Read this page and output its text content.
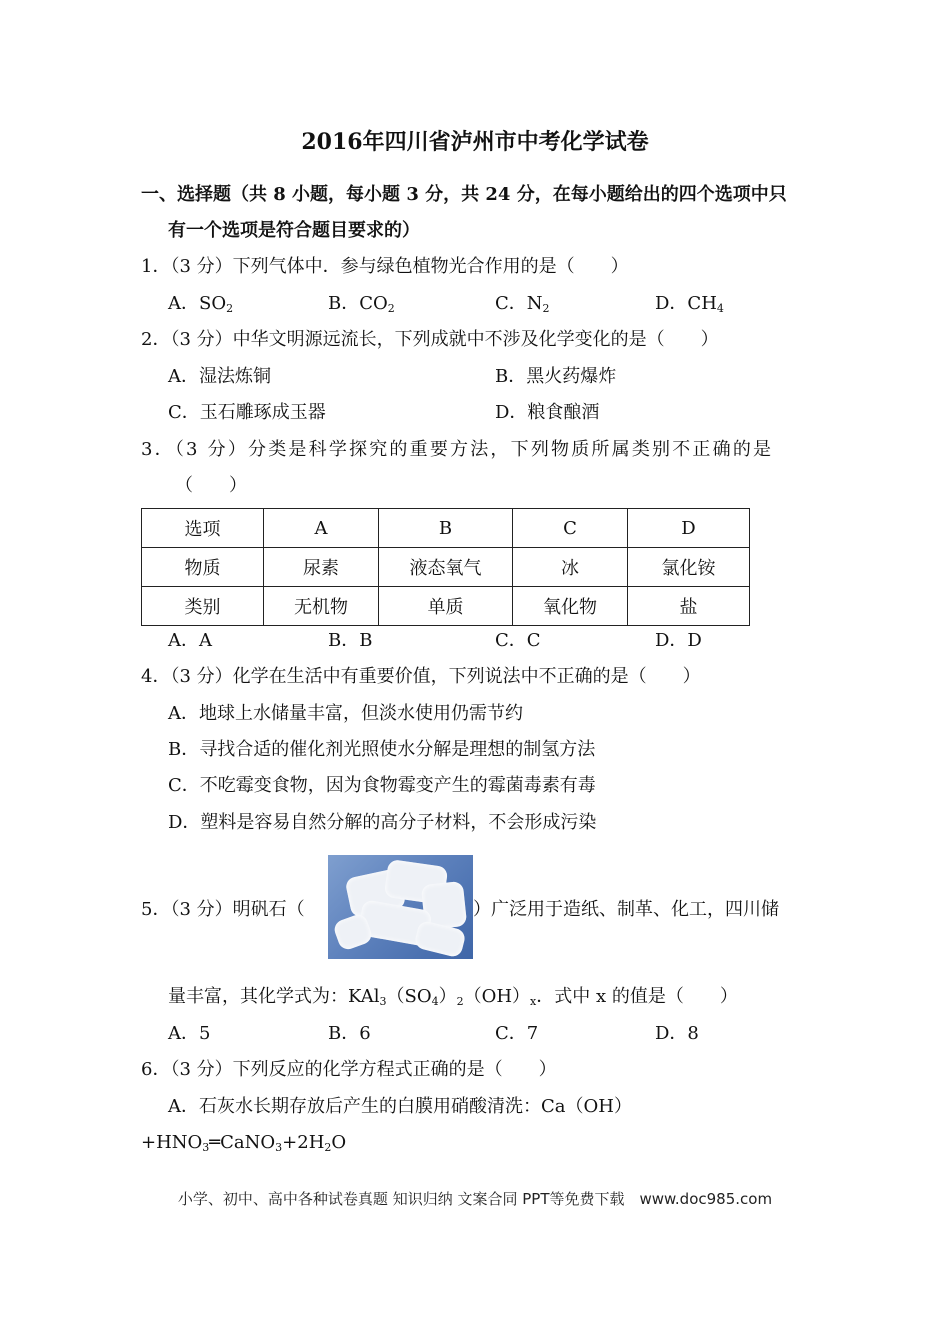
2016年四川省泸州市中考化学试卷
一、选择题（共 8 小题，每小题 3 分，共 24 分，在每小题给出的四个选项中只
有一个选项是符合题目要求的）
1．（3 分）下列气体中．参与绿色植物光合作用的是（　　）
A．$SO_2$	B．$CO_2$	C．$N_2$	D．$CH_4$
2．（3 分）中华文明源远流长，下列成就中不涉及化学变化的是（　　）
A．湿法炼铜	B．黑火药爆炸
C．玉石雕琢成玉器	D．粮食酿酒
3．（3 分）分类是科学探究的重要方法，下列物质所属类别不正确的是
（　　）
选项	A	B	C	D
物质	尿素	液态氧气	冰	氯化铵
类别	无机物	单质	氧化物	盐
A．A	B．B	C．C	D．D
4．（3 分）化学在生活中有重要价值，下列说法中不正确的是（　　）
A．地球上水储量丰富，但淡水使用仍需节约
B．寻找合适的催化剂光照使水分解是理想的制氢方法
C．不吃霉变食物，因为食物霉变产生的霉菌毒素有毒
D．塑料是容易自然分解的高分子材料，不会形成污染
5．（3 分）明矾石（	）广泛用于造纸、制革、化工，四川储
量丰富，其化学式为：$KAl_3(SO_4)_2(OH)_x$．式中 x 的值是（　　）
A．5	B．6	C．7	D．8
6．（3 分）下列反应的化学方程式正确的是（　　）
A．石灰水长期存放后产生的白膜用硝酸清洗：Ca（OH）
$+HNO_3═CaNO_3+2H_2O$
小学、初中、高中各种试卷真题 知识归纳 文案合同 PPT等免费下载　www.doc985.com
